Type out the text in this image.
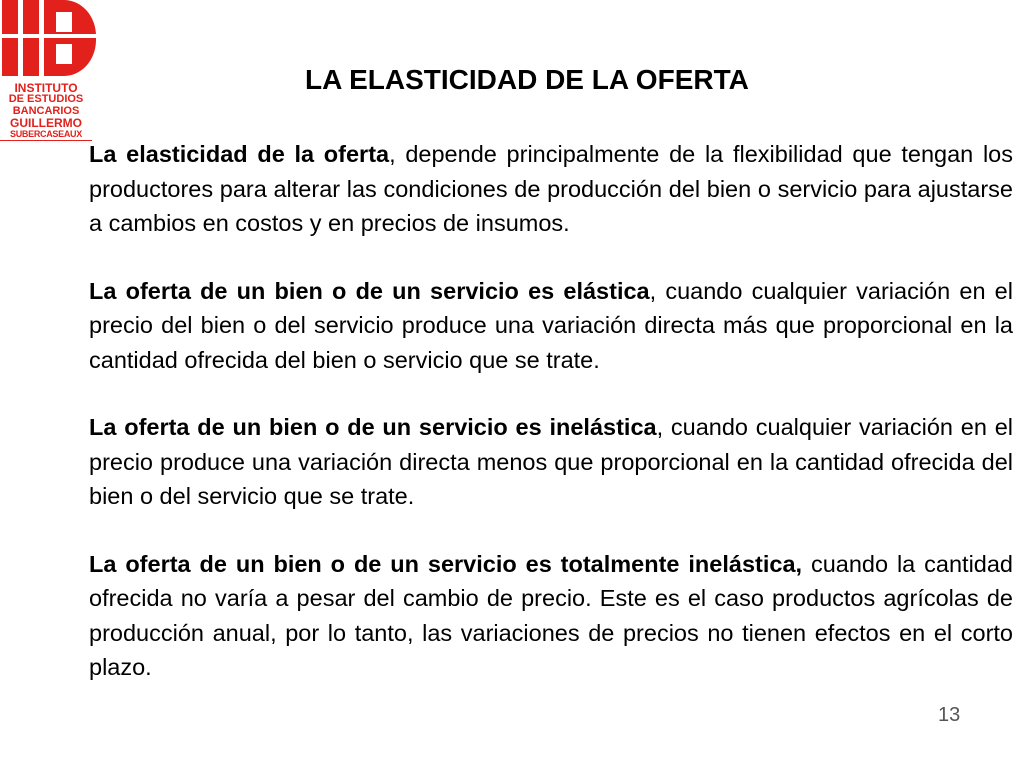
INSTITUTO
DE ESTUDIOS
BANCARIOS
GUILLERMO
SUBERCASEAUX
LA ELASTICIDAD DE LA OFERTA

La elasticidad de la oferta, depende principalmente de la flexibilidad que tengan los productores para alterar las condiciones de producción del bien o servicio para ajustarse a cambios en costos y en precios de insumos.

La oferta de un bien o de un servicio es elástica, cuando cualquier variación en el precio del bien o del servicio produce una variación directa más que proporcional en la cantidad ofrecida del bien o servicio que se trate.

La oferta de un bien o de un servicio es inelástica, cuando cualquier variación en el precio produce una variación directa menos que proporcional en la cantidad ofrecida del bien o del servicio que se trate.

La oferta de un bien o de un servicio es totalmente inelástica, cuando la cantidad ofrecida no varía a pesar del cambio de precio. Este es el caso productos agrícolas de producción anual, por lo tanto, las variaciones de precios no tienen efectos en el corto plazo.

13
